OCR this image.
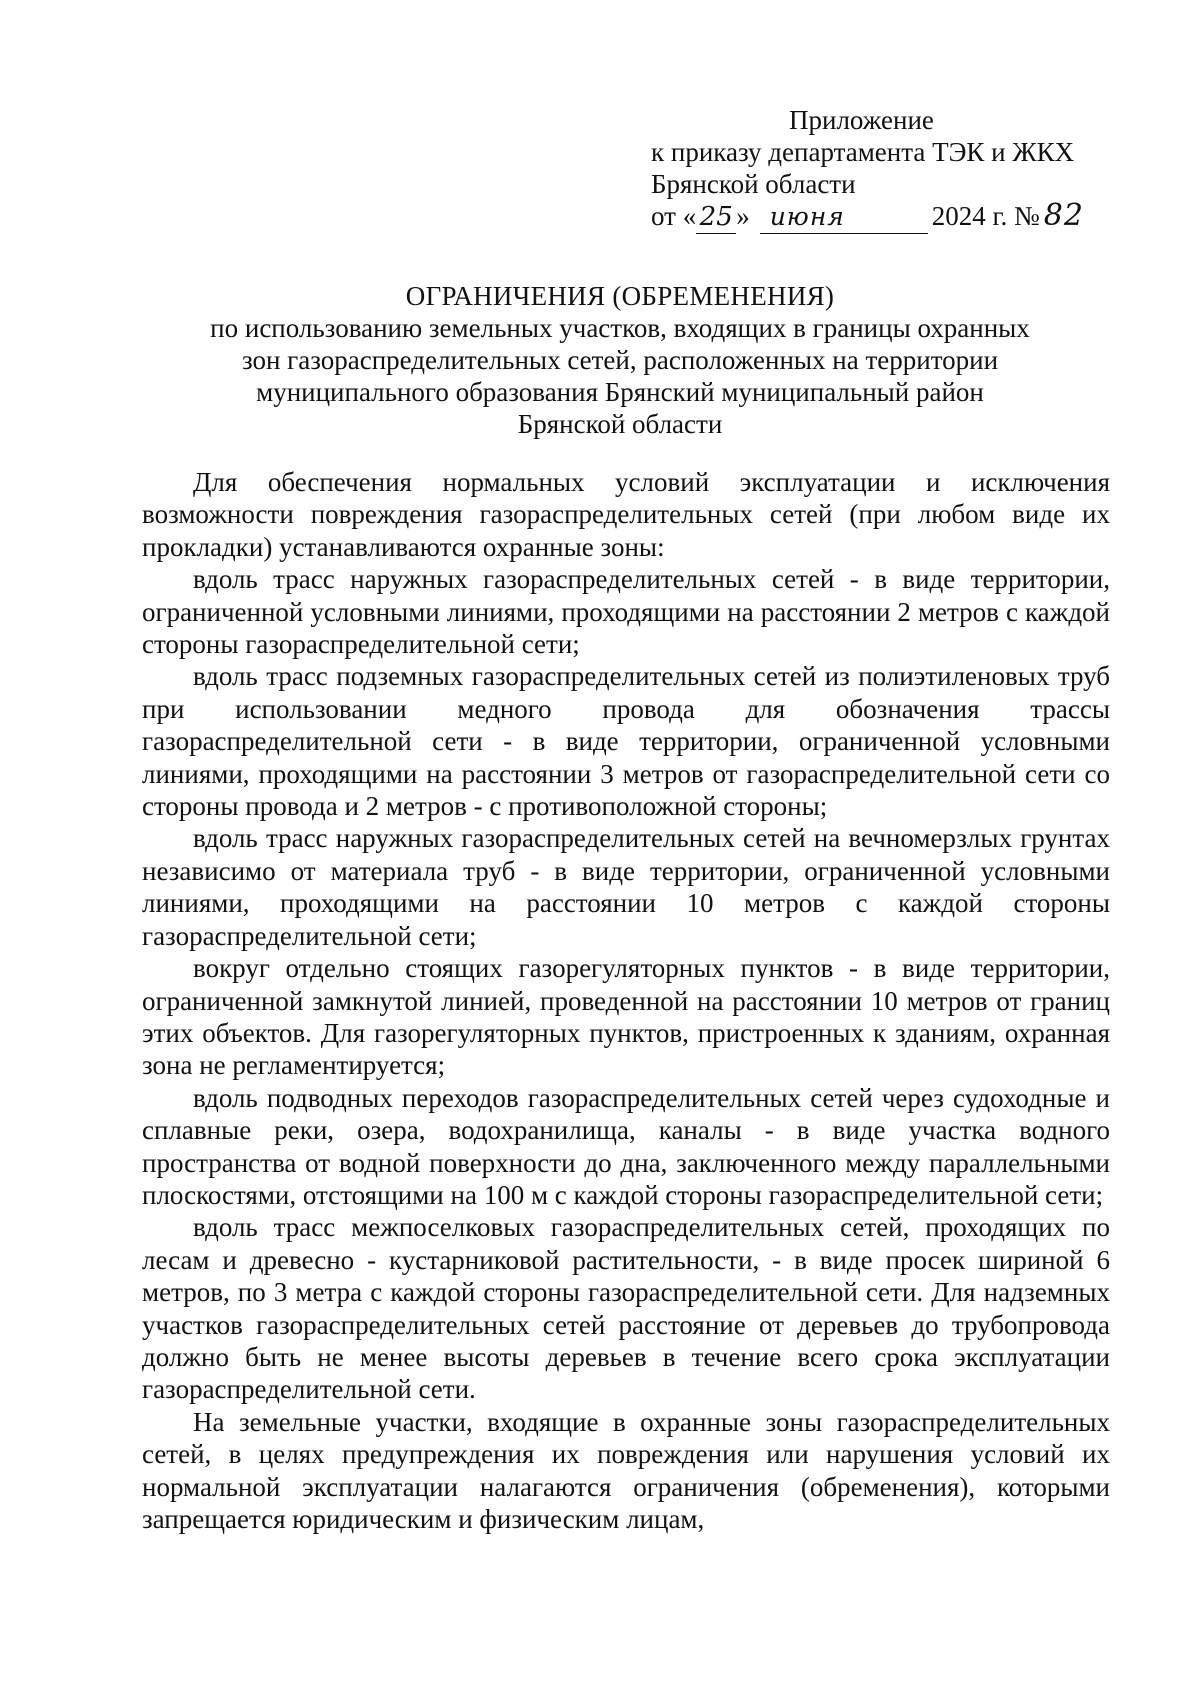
Приложение
к приказу департамента ТЭК и ЖКХ
Брянской области
от « 25 » июня	2024 г. № 82
ОГРАНИЧЕНИЯ (ОБРЕМЕНЕНИЯ)
по использованию земельных участков, входящих в границы охранных
зон газораспределительных сетей, расположенных на территории
муниципального образования Брянский муниципальный район
Брянской области

Для обеспечения нормальных условий эксплуатации и исключения возможности повреждения газораспределительных сетей (при любом виде их прокладки) устанавливаются охранные зоны:

вдоль трасс наружных газораспределительных сетей - в виде территории, ограниченной условными линиями, проходящими на расстоянии 2 метров с каждой стороны газораспределительной сети;

вдоль трасс подземных газораспределительных сетей из полиэтиленовых труб при использовании медного провода для обозначения трассы газораспределительной сети - в виде территории, ограниченной условными линиями, проходящими на расстоянии 3 метров от газораспределительной сети со стороны провода и 2 метров - с противоположной стороны;

вдоль трасс наружных газораспределительных сетей на вечномерзлых грунтах независимо от материала труб - в виде территории, ограниченной условными линиями, проходящими на расстоянии 10 метров с каждой стороны газораспределительной сети;

вокруг отдельно стоящих газорегуляторных пунктов - в виде территории, ограниченной замкнутой линией, проведенной на расстоянии 10 метров от границ этих объектов. Для газорегуляторных пунктов, пристроенных к зданиям, охранная зона не регламентируется;

вдоль подводных переходов газораспределительных сетей через судоходные и сплавные реки, озера, водохранилища, каналы - в виде участка водного пространства от водной поверхности до дна, заключенного между параллельными плоскостями, отстоящими на 100 м с каждой стороны газораспределительной сети;

вдоль трасс межпоселковых газораспределительных сетей, проходящих по лесам и древесно - кустарниковой растительности, - в виде просек шириной 6 метров, по 3 метра с каждой стороны газораспределительной сети. Для надземных участков газораспределительных сетей расстояние от деревьев до трубопровода должно быть не менее высоты деревьев в течение всего срока эксплуатации газораспределительной сети.

На земельные участки, входящие в охранные зоны газораспределительных сетей, в целях предупреждения их повреждения или нарушения условий их нормальной эксплуатации налагаются ограничения (обременения), которыми запрещается юридическим и физическим лицам,
